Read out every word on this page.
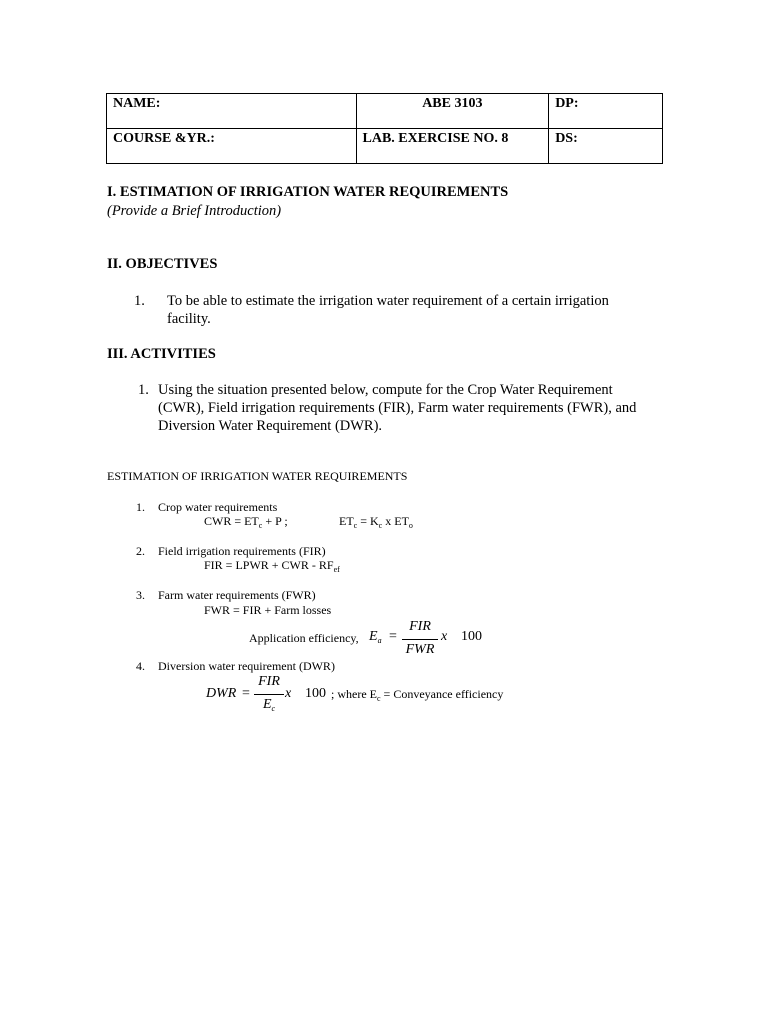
NAME:	ABE 3103	DP:
COURSE &YR.:	LAB. EXERCISE NO. 8	DS:
I. ESTIMATION OF IRRIGATION WATER REQUIREMENTS
(Provide a Brief Introduction)
II. OBJECTIVES
1. To be able to estimate the irrigation water requirement of a certain irrigation
facility.
III. ACTIVITIES
1. Using the situation presented below, compute for the Crop Water Requirement
(CWR), Field irrigation requirements (FIR), Farm water requirements (FWR), and
Diversion Water Requirement (DWR).
ESTIMATION OF IRRIGATION WATER REQUIREMENTS
1. Crop water requirements
CWR = $ET_c + P$ ;	$ET_c = K_c$ x $ET_o$
2. Field irrigation requirements (FIR)
FIR = LPWR + CWR - $RF_{ef}$
3. Farm water requirements (FWR)
FWR = FIR + Farm losses
Application efficiency, $E_a$ =
FIR
FWR
x 100
4. Diversion water requirement (DWR)
DWR =
FIR
$E_c$
x 100 ; where $E_c$ = Conveyance efficiency
